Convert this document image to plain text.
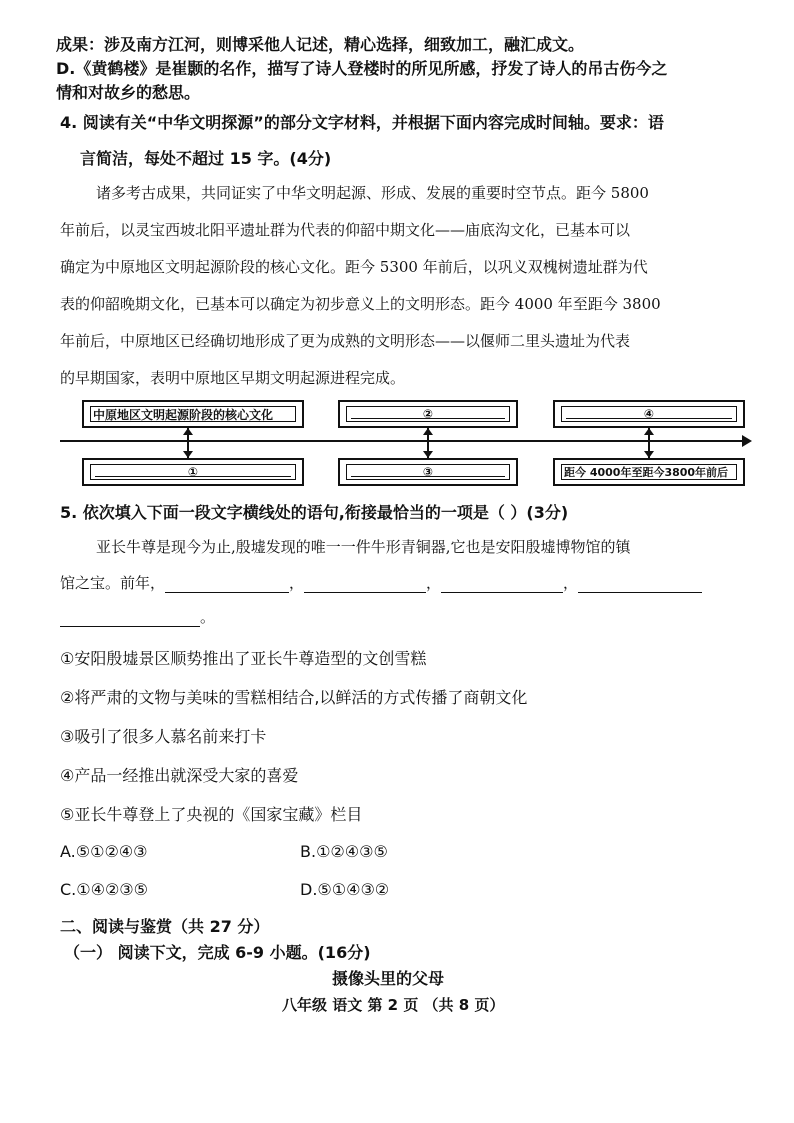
成果：涉及南方江河，则博采他人记述，精心选择，细致加工，融汇成文。
D.《黄鹤楼》是崔颢的名作，描写了诗人登楼时的所见所感，抒发了诗人的吊古伤今之
情和对故乡的愁思。
4. 阅读有关“中华文明探源”的部分文字材料，并根据下面内容完成时间轴。要求：语
言简洁，每处不超过 15 字。(4分)
诸多考古成果，共同证实了中华文明起源、形成、发展的重要时空节点。距今 5800
年前后，以灵宝西坡北阳平遗址群为代表的仰韶中期文化——庙底沟文化，已基本可以
确定为中原地区文明起源阶段的核心文化。距今 5300 年前后，以巩义双槐树遗址群为代
表的仰韶晚期文化，已基本可以确定为初步意义上的文明形态。距今 4000 年至距今 3800
年前后，中原地区已经确切地形成了更为成熟的文明形态——以偃师二里头遗址为代表
的早期国家，表明中原地区早期文明起源进程完成。
中原地区文明起源阶段的核心文化	②	④
①	③	距今 4000年至距今3800年前后
5. 依次填入下面一段文字横线处的语句,衔接最恰当的一项是（ ）(3分)
亚长牛尊是现今为止,殷墟发现的唯一一件牛形青铜器,它也是安阳殷墟博物馆的镇
馆之宝。前年，	，	，	，
。
①安阳殷墟景区顺势推出了亚长牛尊造型的文创雪糕
②将严肃的文物与美味的雪糕相结合,以鲜活的方式传播了商朝文化
③吸引了很多人慕名前来打卡
④产品一经推出就深受大家的喜爱
⑤亚长牛尊登上了央视的《国家宝藏》栏目
A.⑤①②④③	B.①②④③⑤
C.①④②③⑤	D.⑤①④③②
二、阅读与鉴赏（共 27 分）
（一） 阅读下文，完成 6-9 小题。(16分)
摄像头里的父母
八年级 语文 第 2 页 （共 8 页）
